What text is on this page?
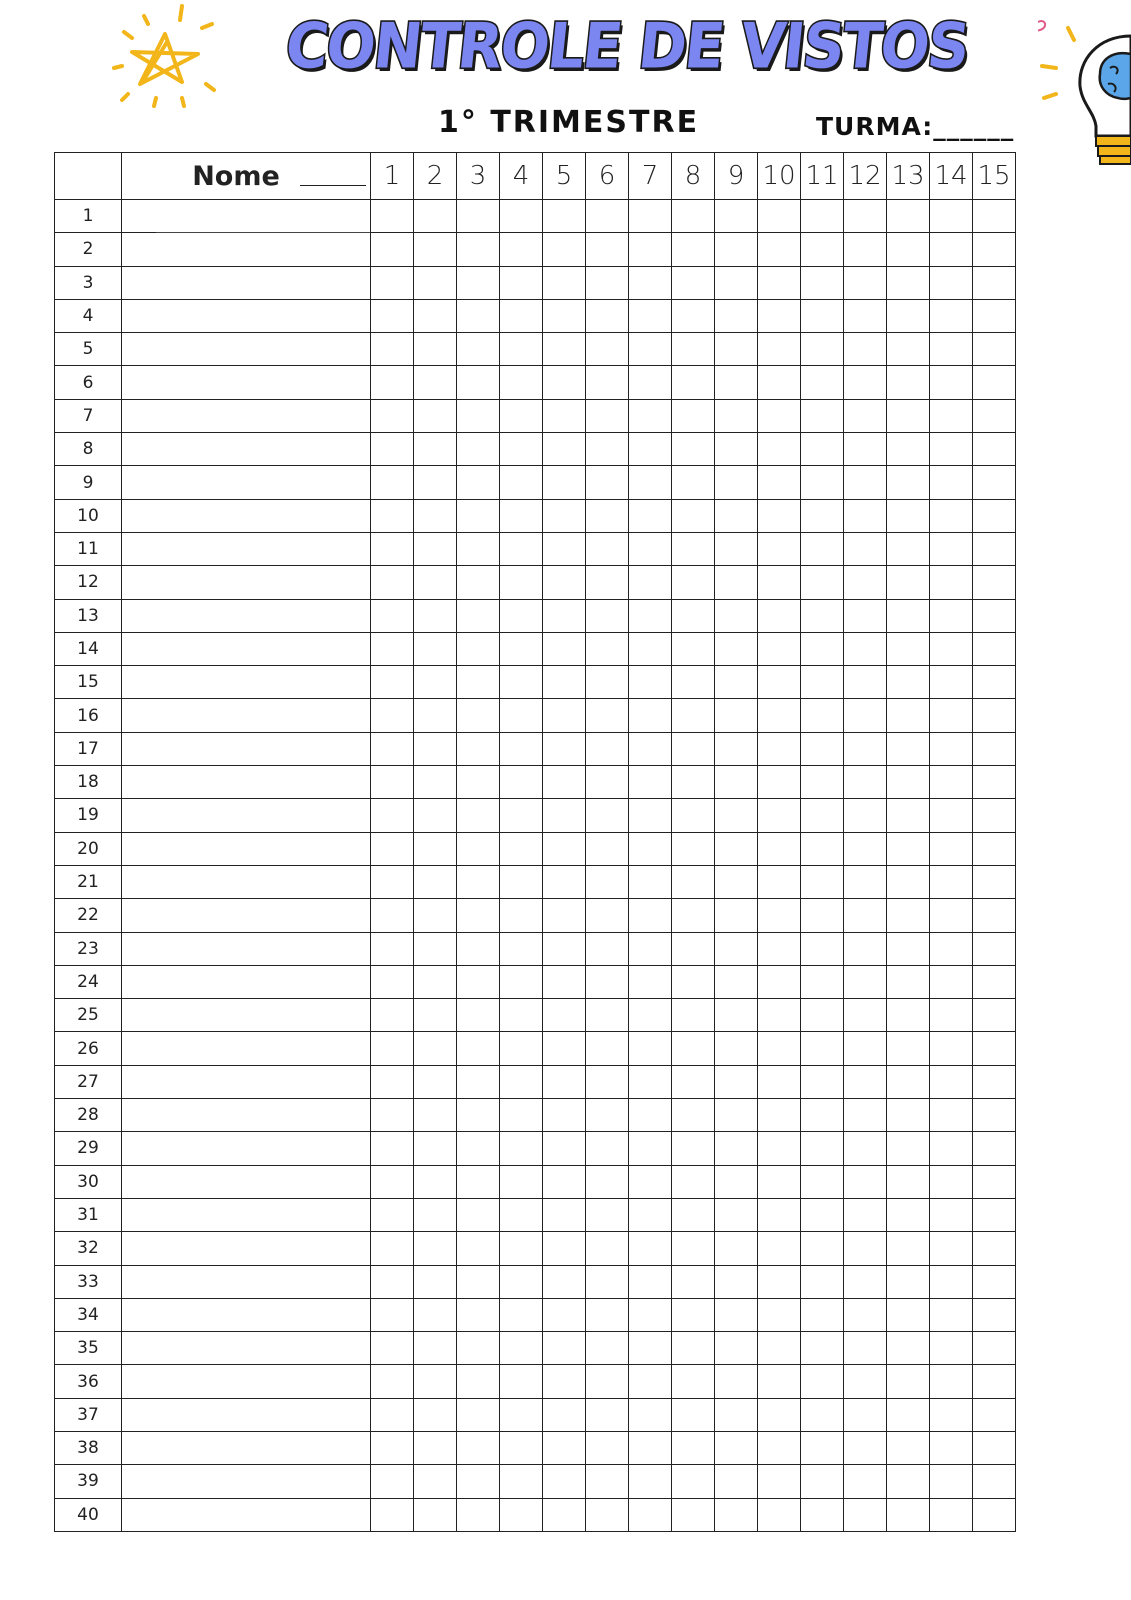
CONTROLE DE VISTOS
1° TRIMESTRE	TURMA:______
	Nome	1	2	3	4	5	6	7	8	9	10	11	12	13	14	15
1																
2																
3																
4																
5																
6																
7																
8																
9																
10																
11																
12																
13																
14																
15																
16																
17																
18																
19																
20																
21																
22																
23																
24																
25																
26																
27																
28																
29																
30																
31																
32																
33																
34																
35																
36																
37																
38																
39																
40																
